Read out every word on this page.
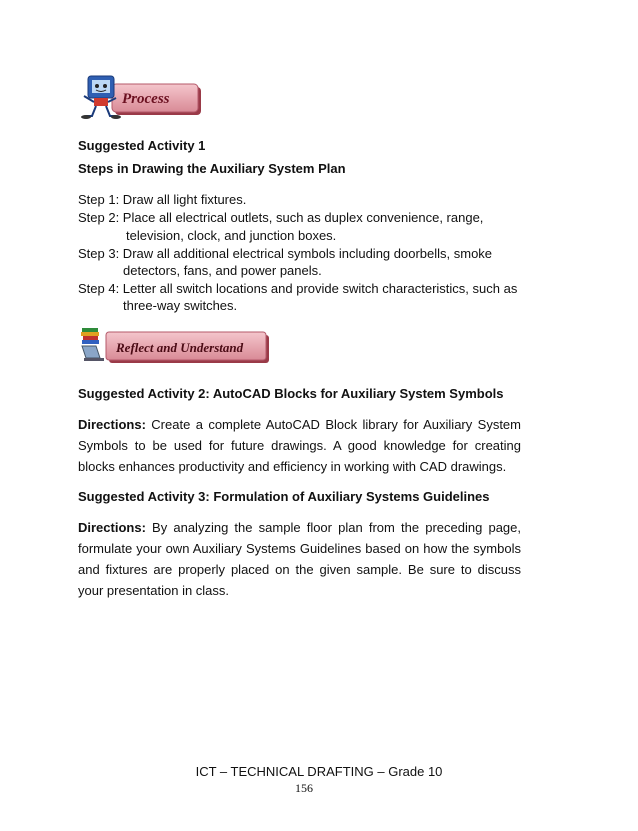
Process
Suggested Activity 1
Steps in Drawing the Auxiliary System Plan
Step 1: Draw all light fixtures.
Step 2: Place all electrical outlets, such as duplex convenience, range,
television, clock, and junction boxes.
Step 3: Draw all additional electrical symbols including doorbells, smoke
detectors, fans, and power panels.
Step 4: Letter all switch locations and provide switch characteristics, such as
three-way switches.
Reflect and Understand
Suggested Activity 2: AutoCAD Blocks for Auxiliary System Symbols
Directions: Create a complete AutoCAD Block library for Auxiliary System Symbols to be used for future drawings. A good knowledge for creating blocks enhances productivity and efficiency in working with CAD drawings.
Suggested Activity 3: Formulation of Auxiliary Systems Guidelines
Directions: By analyzing the sample floor plan from the preceding page, formulate your own Auxiliary Systems Guidelines based on how the symbols and fixtures are properly placed on the given sample. Be sure to discuss your presentation in class.
ICT – TECHNICAL DRAFTING – Grade 10
156
